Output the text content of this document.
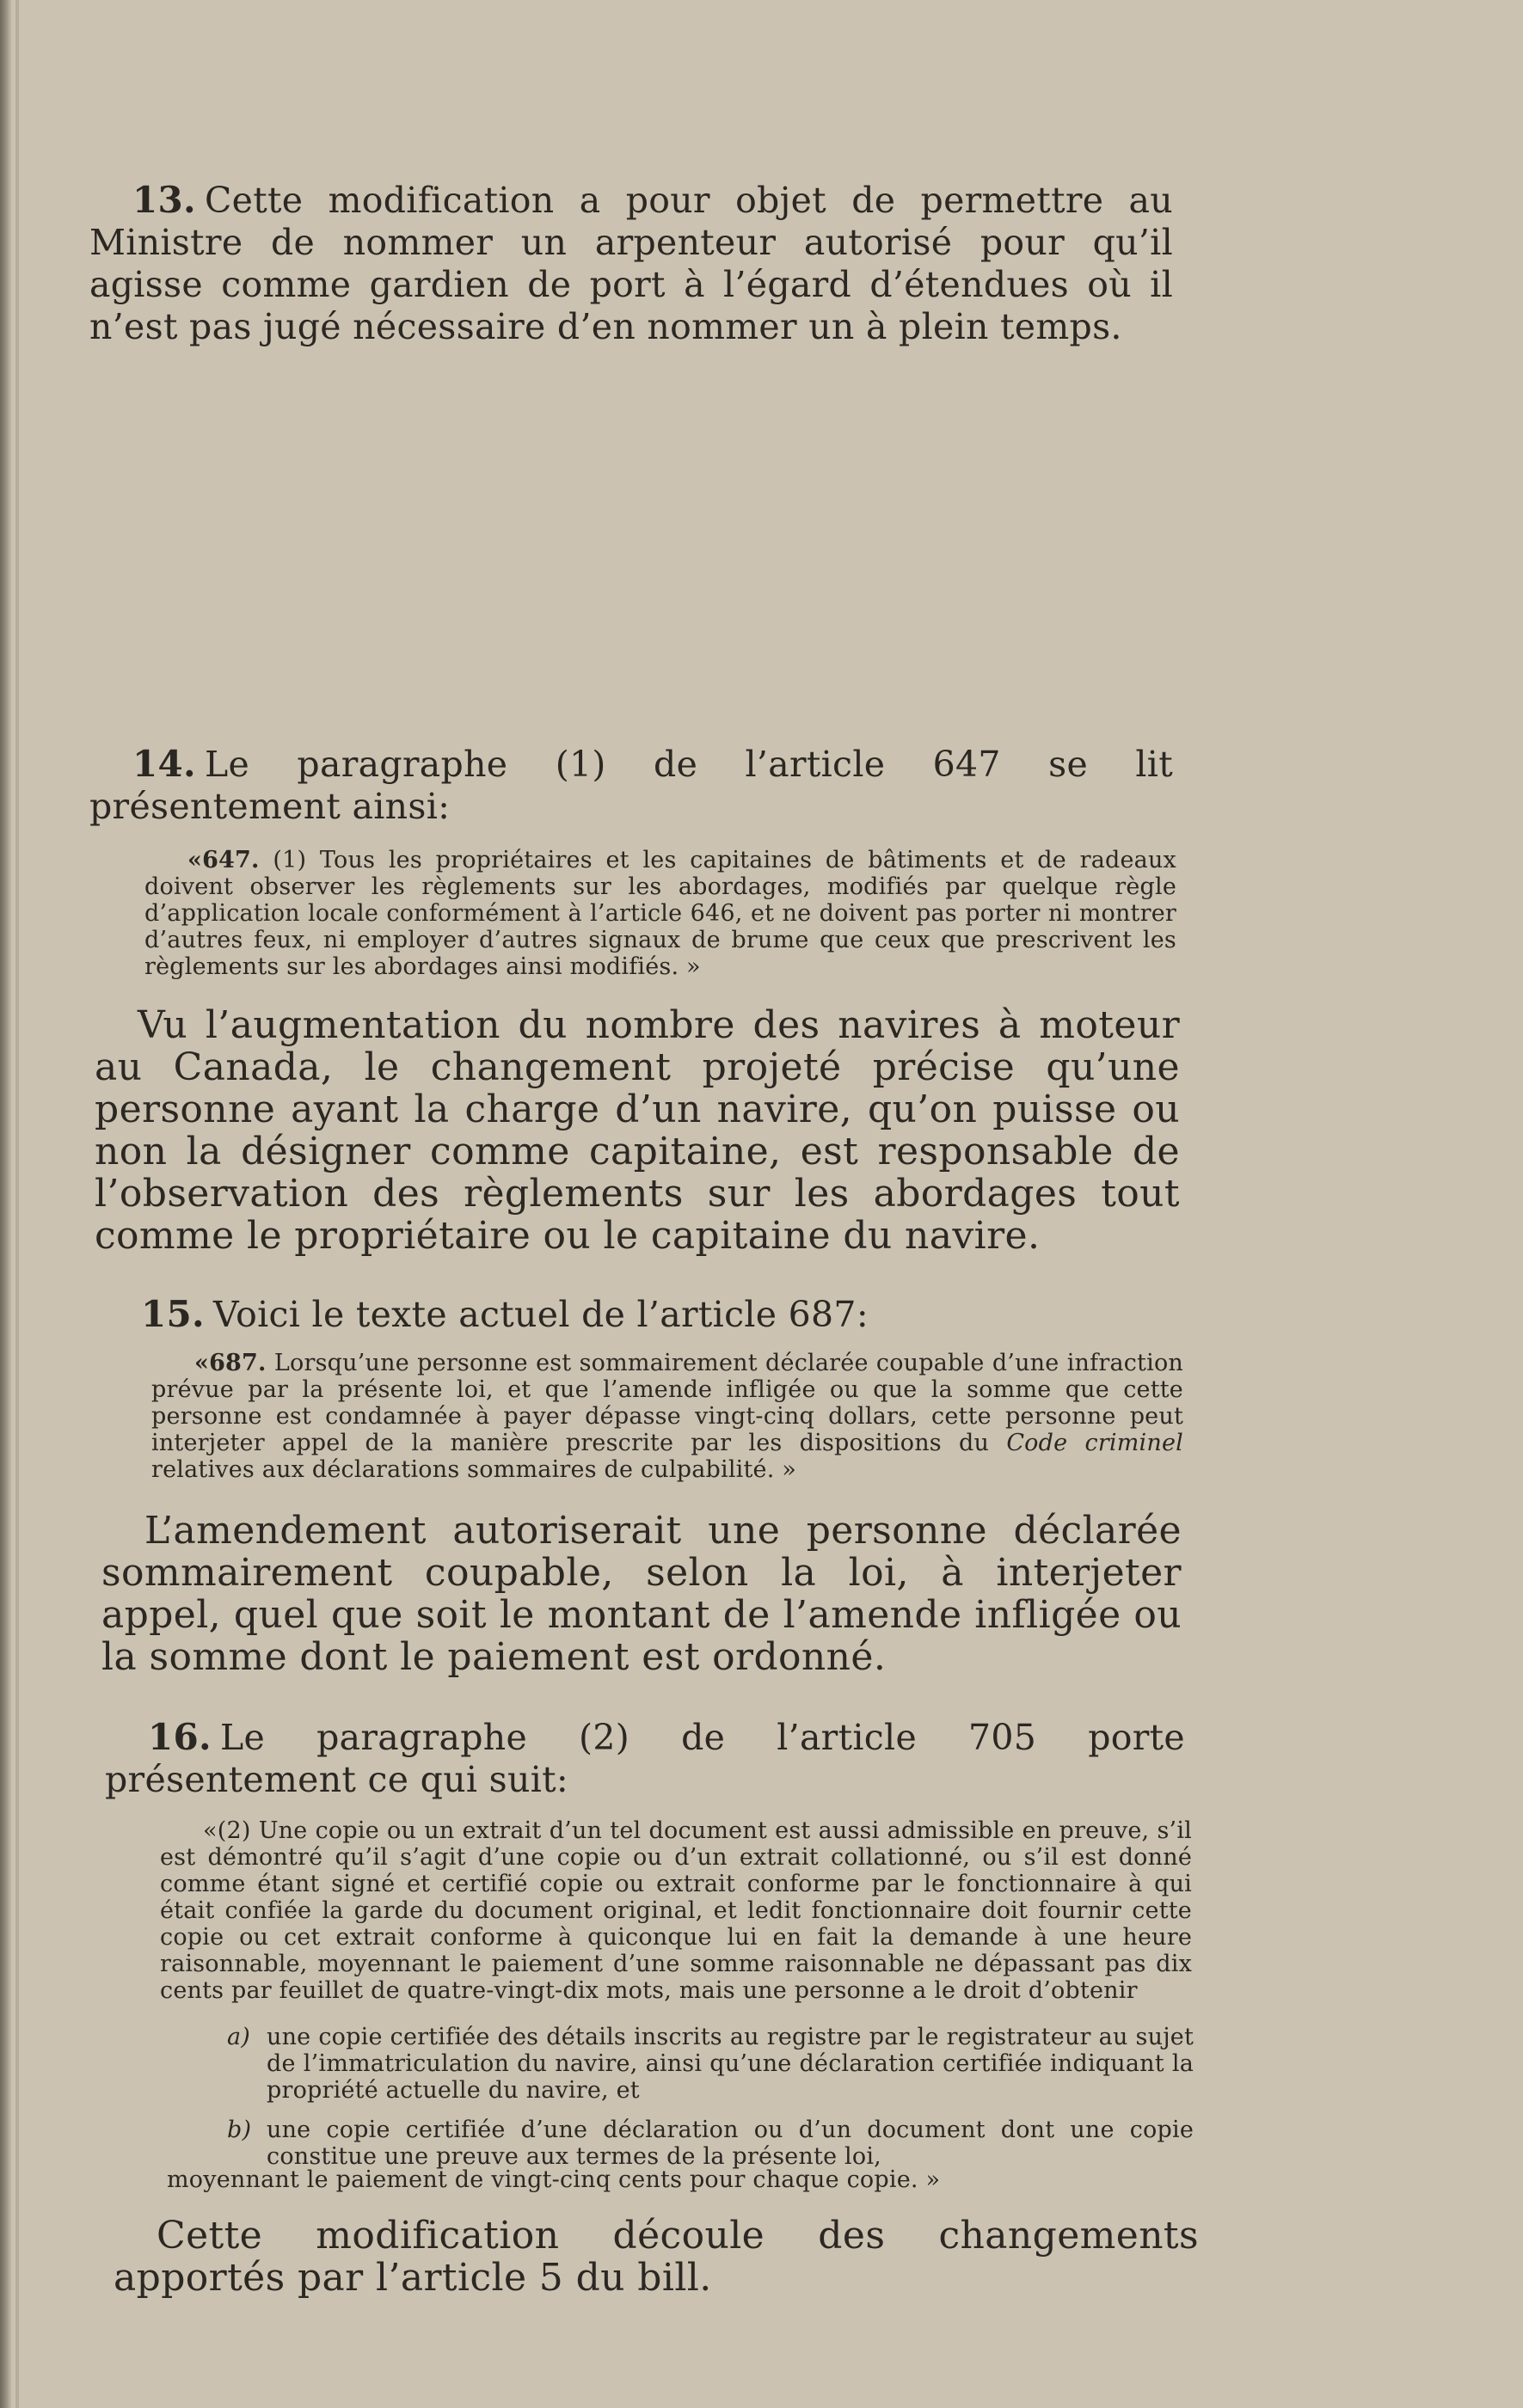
13. Cette modification a pour objet de permettre au Ministre de nommer un arpenteur autorisé pour qu’il agisse comme gardien de port à l’égard d’étendues où il n’est pas jugé nécessaire d’en nommer un à plein temps.
14. Le paragraphe (1) de l’article 647 se lit présentement ainsi:
«647. (1) Tous les propriétaires et les capitaines de bâtiments et de radeaux doivent observer les règlements sur les abordages, modifiés par quelque règle d’application locale conformément à l’article 646, et ne doivent pas porter ni montrer d’autres feux, ni employer d’autres signaux de brume que ceux que prescrivent les règlements sur les abordages ainsi modifiés. »
Vu l’augmentation du nombre des navires à moteur au Canada, le changement projeté précise qu’une personne ayant la charge d’un navire, qu’on puisse ou non la désigner comme capitaine, est responsable de l’observation des règlements sur les abordages tout comme le propriétaire ou le capitaine du navire.
15. Voici le texte actuel de l’article 687:
«687. Lorsqu’une personne est sommairement déclarée coupable d’une infraction prévue par la présente loi, et que l’amende infligée ou que la somme que cette personne est condamnée à payer dépasse vingt-cinq dollars, cette personne peut interjeter appel de la manière prescrite par les dispositions du Code criminel relatives aux déclarations sommaires de culpabilité. »
L’amendement autoriserait une personne déclarée sommairement coupable, selon la loi, à interjeter appel, quel que soit le montant de l’amende infligée ou la somme dont le paiement est ordonné.
16. Le paragraphe (2) de l’article 705 porte présentement ce qui suit:
«(2) Une copie ou un extrait d’un tel document est aussi admissible en preuve, s’il est démontré qu’il s’agit d’une copie ou d’un extrait collationné, ou s’il est donné comme étant signé et certifié copie ou extrait conforme par le fonctionnaire à qui était confiée la garde du document original, et ledit fonctionnaire doit fournir cette copie ou cet extrait conforme à quiconque lui en fait la demande à une heure raisonnable, moyennant le paiement d’une somme raisonnable ne dépassant pas dix cents par feuillet de quatre-vingt-dix mots, mais une personne a le droit d’obtenir
a) une copie certifiée des détails inscrits au registre par le registrateur au sujet de l’immatriculation du navire, ainsi qu’une déclaration certifiée indiquant la propriété actuelle du navire, et
b) une copie certifiée d’une déclaration ou d’un document dont une copie constitue une preuve aux termes de la présente loi,
moyennant le paiement de vingt-cinq cents pour chaque copie. »
Cette modification découle des changements apportés par l’article 5 du bill.
